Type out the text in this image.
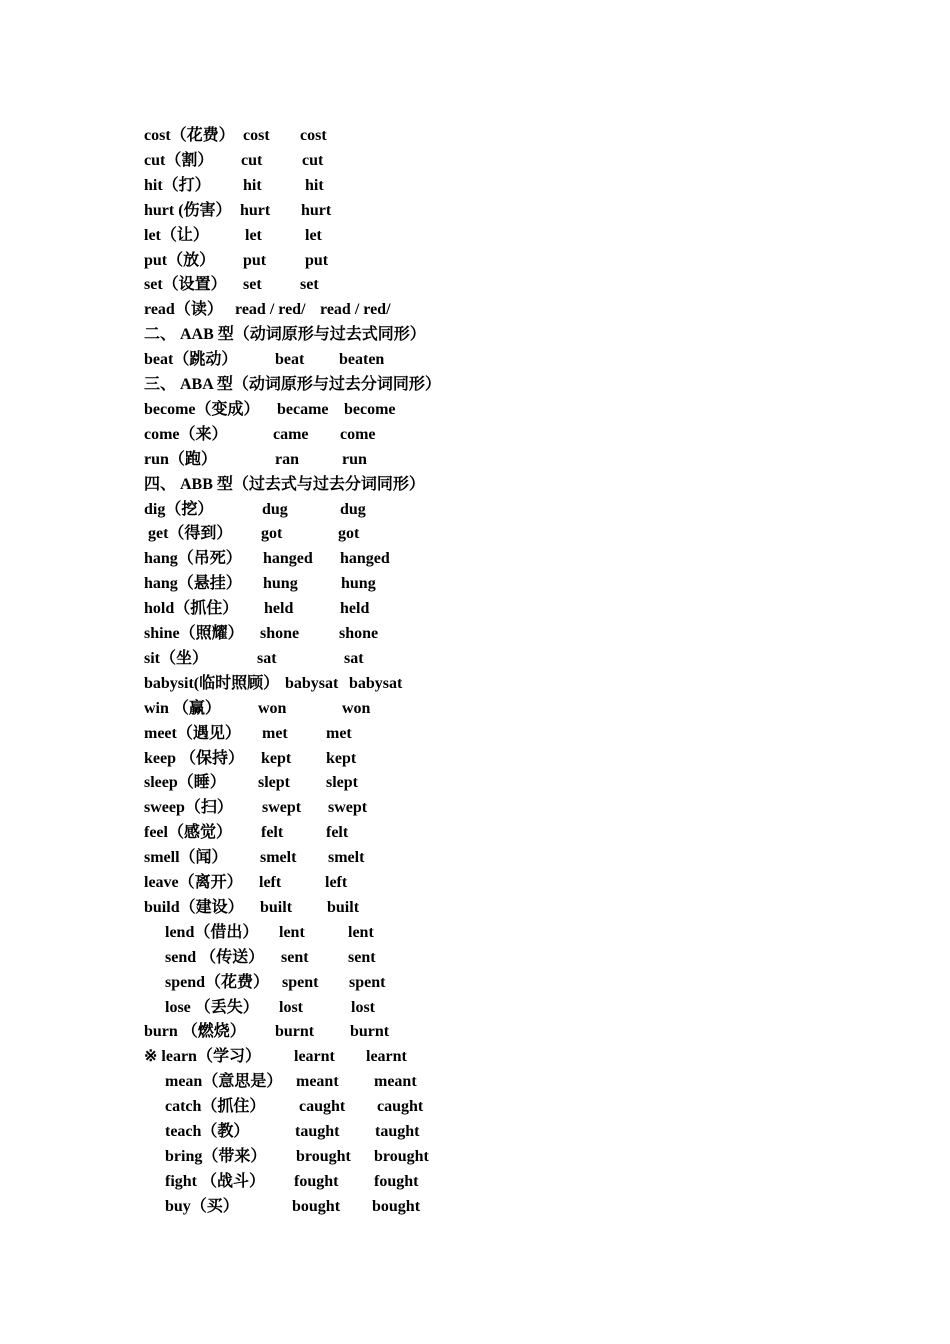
cost（花费） cost cost
cut（割） cut cut
hit（打） hit	hit
hurt (伤害） hurt hurt
let（让） let	let
put（放） put put
set（设置） set set
read（读） read / red/ read / red/
二、 AAB 型（动词原形与过去式同形）
beat（跳动） beat beaten
三、 ABA 型（动词原形与过去分词同形）
become（变成） became become
come（来）	came come
run（跑）	ran	run
四、 ABB 型（过去式与过去分词同形）
dig（挖）	dug	dug
get（得到） got	got
hang（吊死） hanged hanged
hang（悬挂） hung	hung
hold（抓住） held	held
shine（照耀） shone shone
sit（坐）	sat	sat
babysit(临时照顾） babysat babysat
win （赢） won	won
meet（遇见） met met
keep （保持） kept kept
sleep（睡） slept slept
sweep（扫） swept swept
feel（感觉） felt	felt
smell（闻） smelt smelt
leave（离开） left	left
build（建设） built built
lend（借出） lent	lent
send （传送） sent sent
spend（花费） spent spent
lose （丢失） lost	lost
burn （燃烧） burnt burnt
※ learn（学习） learnt learnt
mean（意思是） meant meant
catch（抓住） caught caught
teach（教）	taught taught
bring（带来） brought brought
fight （战斗） fought fought
buy（买）	bought bought
